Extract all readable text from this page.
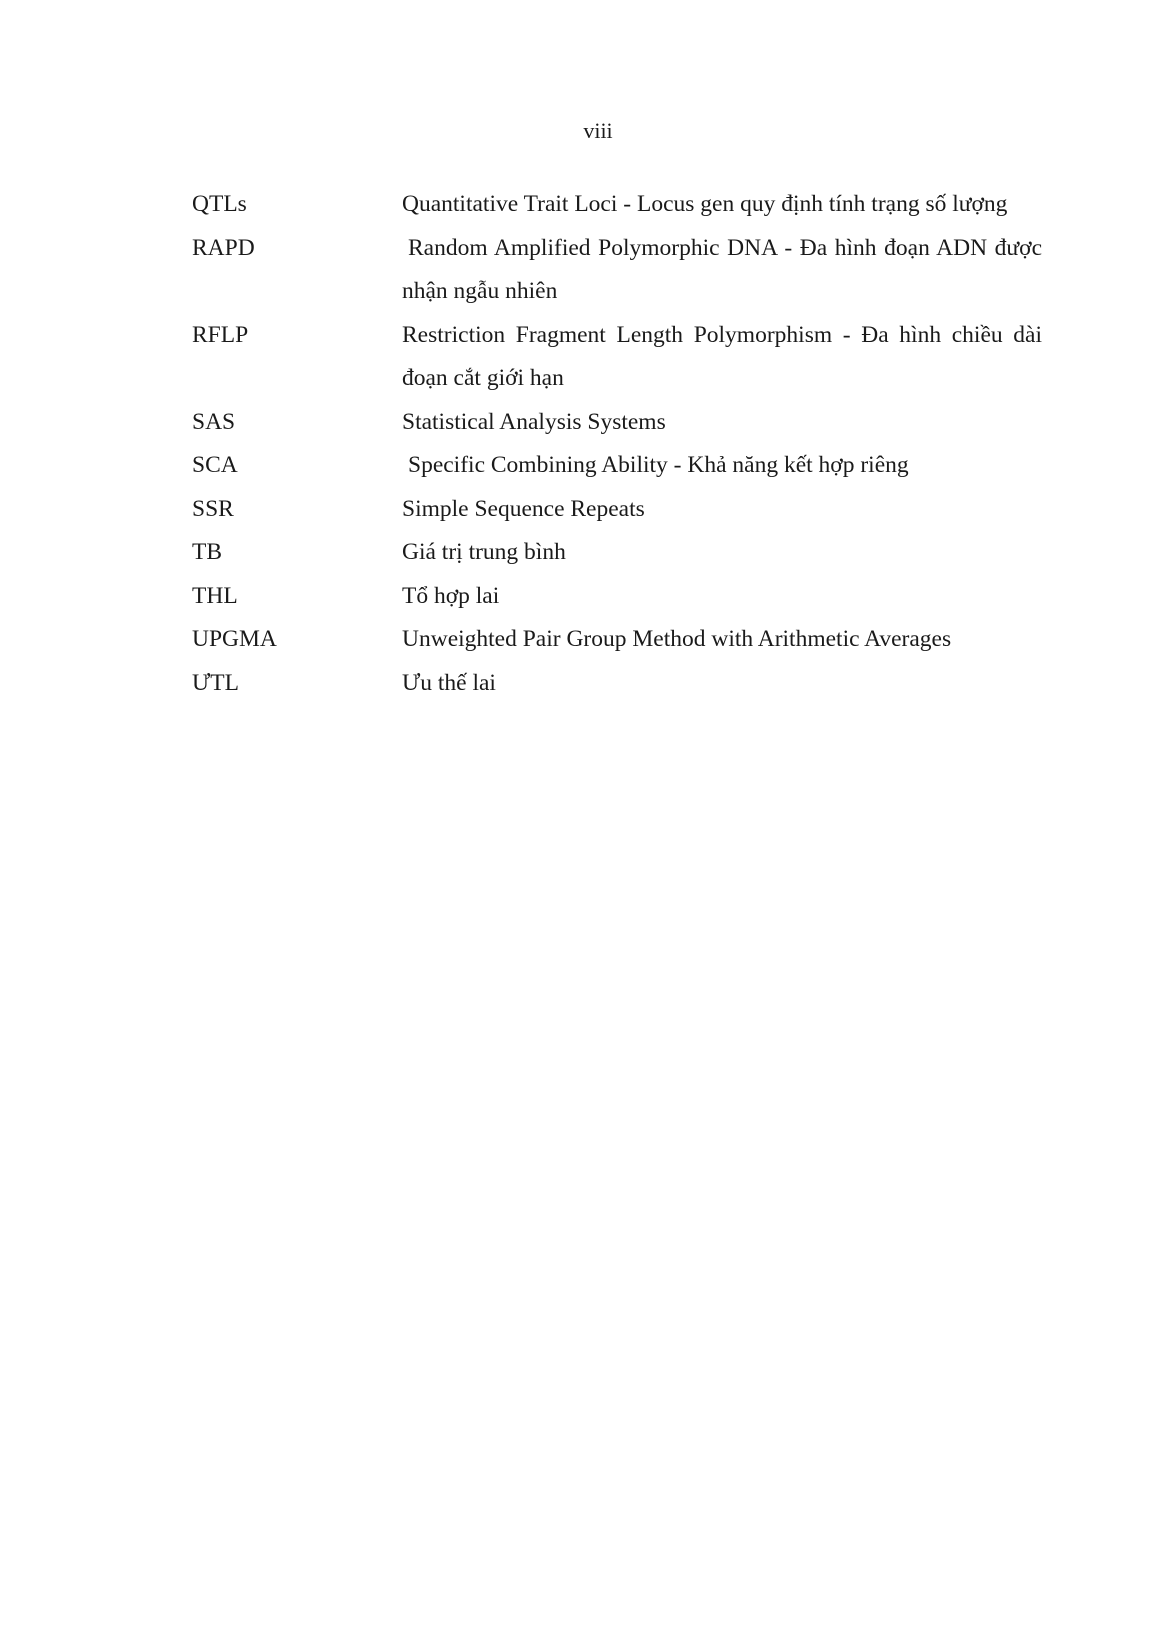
viii
QTLs	Quantitative Trait Loci - Locus gen quy định tính trạng số lượng
RAPD	Random Amplified Polymorphic DNA - Đa hình đoạn ADN được nhận ngẫu nhiên
RFLP	Restriction Fragment Length Polymorphism - Đa hình chiều dài đoạn cắt giới hạn
SAS	Statistical Analysis Systems
SCA	Specific Combining Ability - Khả năng kết hợp riêng
SSR	Simple Sequence Repeats
TB	Giá trị trung bình
THL	Tổ hợp lai
UPGMA	Unweighted Pair Group Method with Arithmetic Averages
ƯTL	Ưu thế lai
